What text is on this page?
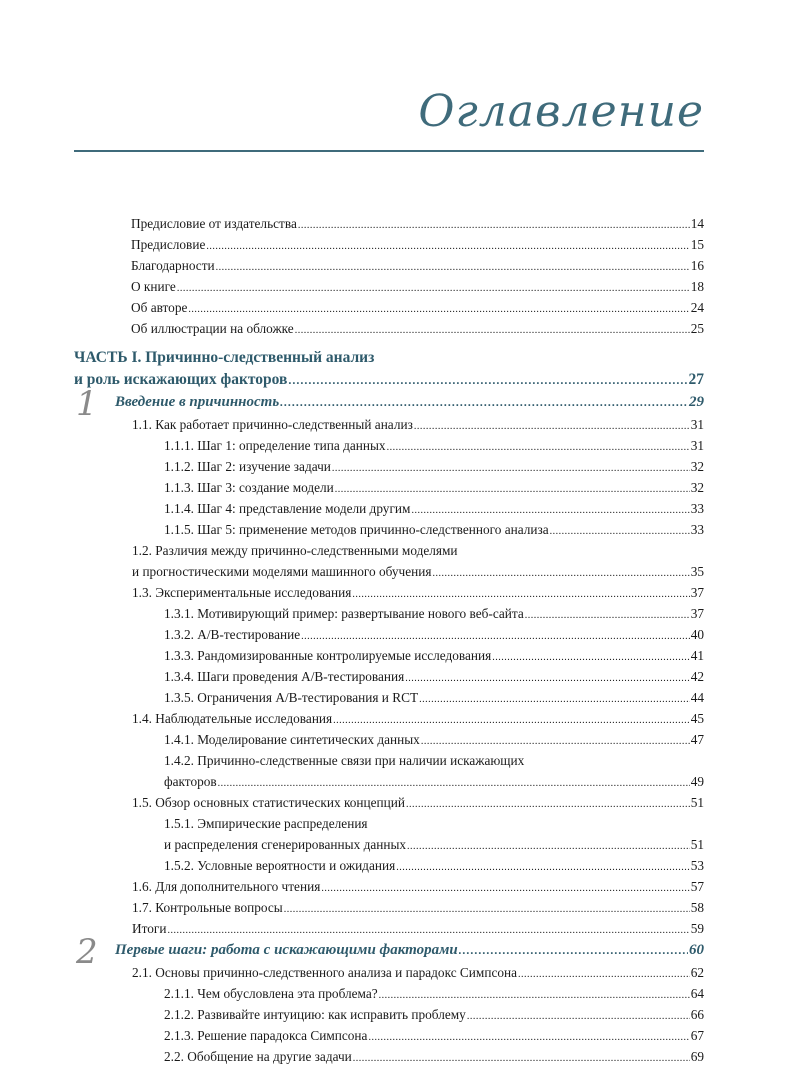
Оглавление
Предисловие от издательства .....	14
Предисловие .....	15
Благодарности .....	16
О книге .....	18
Об авторе .....	24
Об иллюстрации на обложке .....	25
ЧАСТЬ I. Причинно-следственный анализ
и роль искажающих факторов .....	27
1 Введение в причинность .....	29
1.1. Как работает причинно-следственный анализ .....	31
1.1.1. Шаг 1: определение типа данных .....	31
1.1.2. Шаг 2: изучение задачи .....	32
1.1.3. Шаг 3: создание модели .....	32
1.1.4. Шаг 4: представление модели другим .....	33
1.1.5. Шаг 5: применение методов причинно-следственного анализа .....	33
1.2. Различия между причинно-следственными моделями
и прогностическими моделями машинного обучения .....	35
1.3. Экспериментальные исследования .....	37
1.3.1. Мотивирующий пример: развертывание нового веб-сайта .....	37
1.3.2. А/В-тестирование .....	40
1.3.3. Рандомизированные контролируемые исследования .....	41
1.3.4. Шаги проведения А/В-тестирования .....	42
1.3.5. Ограничения А/В-тестирования и RCT .....	44
1.4. Наблюдательные исследования .....	45
1.4.1. Моделирование синтетических данных .....	47
1.4.2. Причинно-следственные связи при наличии искажающих
факторов .....	49
1.5. Обзор основных статистических концепций .....	51
1.5.1. Эмпирические распределения
и распределения сгенерированных данных .....	51
1.5.2. Условные вероятности и ожидания .....	53
1.6. Для дополнительного чтения .....	57
1.7. Контрольные вопросы .....	58
Итоги .....	59
2 Первые шаги: работа с искажающими факторами .....	60
2.1. Основы причинно-следственного анализа и парадокс Симпсона .....	62
2.1.1. Чем обусловлена эта проблема? .....	64
2.1.2. Развивайте интуицию: как исправить проблему .....	66
2.1.3. Решение парадокса Симпсона .....	67
2.2. Обобщение на другие задачи .....	69
